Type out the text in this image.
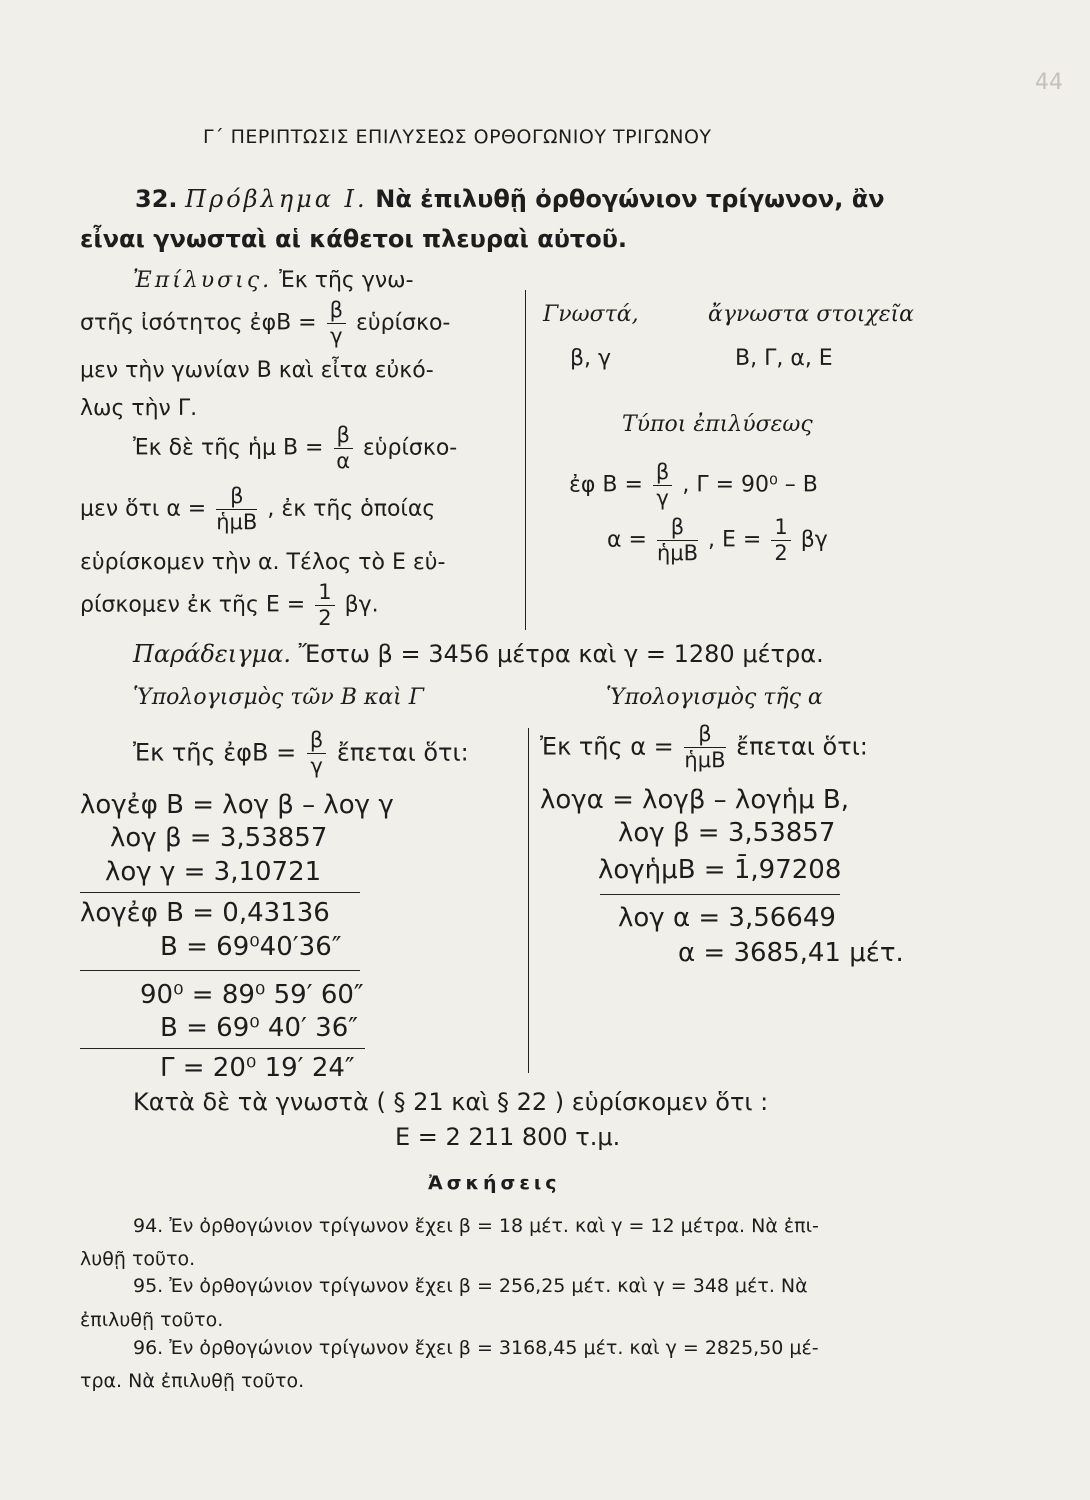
44
Γ΄ ΠΕΡΙΠΤΩΣΙΣ ΕΠΙΛΥΣΕΩΣ ΟΡΘΟΓΩΝΙΟΥ ΤΡΙΓΩΝΟΥ
32. Πρόβλημα Ι. Νὰ ἐπιλυθῇ ὀρθογώνιον τρίγωνον, ἂν
εἶναι γνωσταὶ αἱ κάθετοι πλευραὶ αὐτοῦ.
Ἐπίλυσις. Ἐκ τῆς γνω-
στῆς ἰσότητος ἐφΒ = $\frac{\beta}{\gamma}$ εὑρίσκο-
μεν τὴν γωνίαν Β καὶ εἶτα εὐκό-
λως τὴν Γ.
Ἐκ δὲ τῆς ἡμ $B = \frac{\beta}{\alpha}$ εὑρίσκο-
μεν ὅτι $\alpha = \frac{\beta}{\text{ἡμΒ}}$ , ἐκ τῆς ὁποίας
εὑρίσκομεν τὴν α. Τέλος τὸ Ε εὑ-
ρίσκομεν ἐκ τῆς $E = \frac{1}{2} \beta\gamma$.
Γνωστά,	ἄγνωστα στοιχεῖα
β, γ	Β, Γ, α, Ε
Τύποι ἐπιλύσεως
ἐφ $B = \frac{\beta}{\gamma}$ , Γ = 90⁰ – Β
$\alpha = \frac{\beta}{\text{ἡμΒ}}$ , $E = \frac{1}{2}$ βγ
Παράδειγμα. Ἔστω β = 3456 μέτρα καὶ γ = 1280 μέτρα.
Ὑπολογισμὸς τῶν Β καὶ Γ	Ὑπολογισμὸς τῆς α
Ἐκ τῆς ἐφΒ = $\frac{\beta}{\gamma}$ ἔπεται ὅτι:
λογἐφ Β = λογ β – λογ γ
λογ β = 3,53857
λογ γ = 3,10721
λογἐφ Β = 0,43136
Β = 69⁰40′36″
90⁰ = 89⁰ 59′ 60″
Β = 69⁰ 40′ 36″
Γ = 20⁰ 19′ 24″
Ἐκ τῆς $\alpha = \frac{\beta}{\text{ἡμΒ}}$ ἔπεται ὅτι:
λογα = λογβ – λογἡμ Β,
λογ β = 3,53857
λογἡμΒ = 1̄,97208
λογ α = 3,56649
α = 3685,41 μέτ.
Κατὰ δὲ τὰ γνωστὰ ( § 21 καὶ § 22 ) εὑρίσκομεν ὅτι :
Ε = 2 211 800 τ.μ.
Ἀσκήσεις
94. Ἐν ὀρθογώνιον τρίγωνον ἔχει β = 18 μέτ. καὶ γ = 12 μέτρα. Νὰ ἐπι-
λυθῇ τοῦτο.
95. Ἐν ὀρθογώνιον τρίγωνον ἔχει β = 256,25 μέτ. καὶ γ = 348 μέτ. Νὰ
ἐπιλυθῇ τοῦτο.
96. Ἐν ὀρθογώνιον τρίγωνον ἔχει β = 3168,45 μέτ. καὶ γ = 2825,50 μέ-
τρα. Νὰ ἐπιλυθῇ τοῦτο.
